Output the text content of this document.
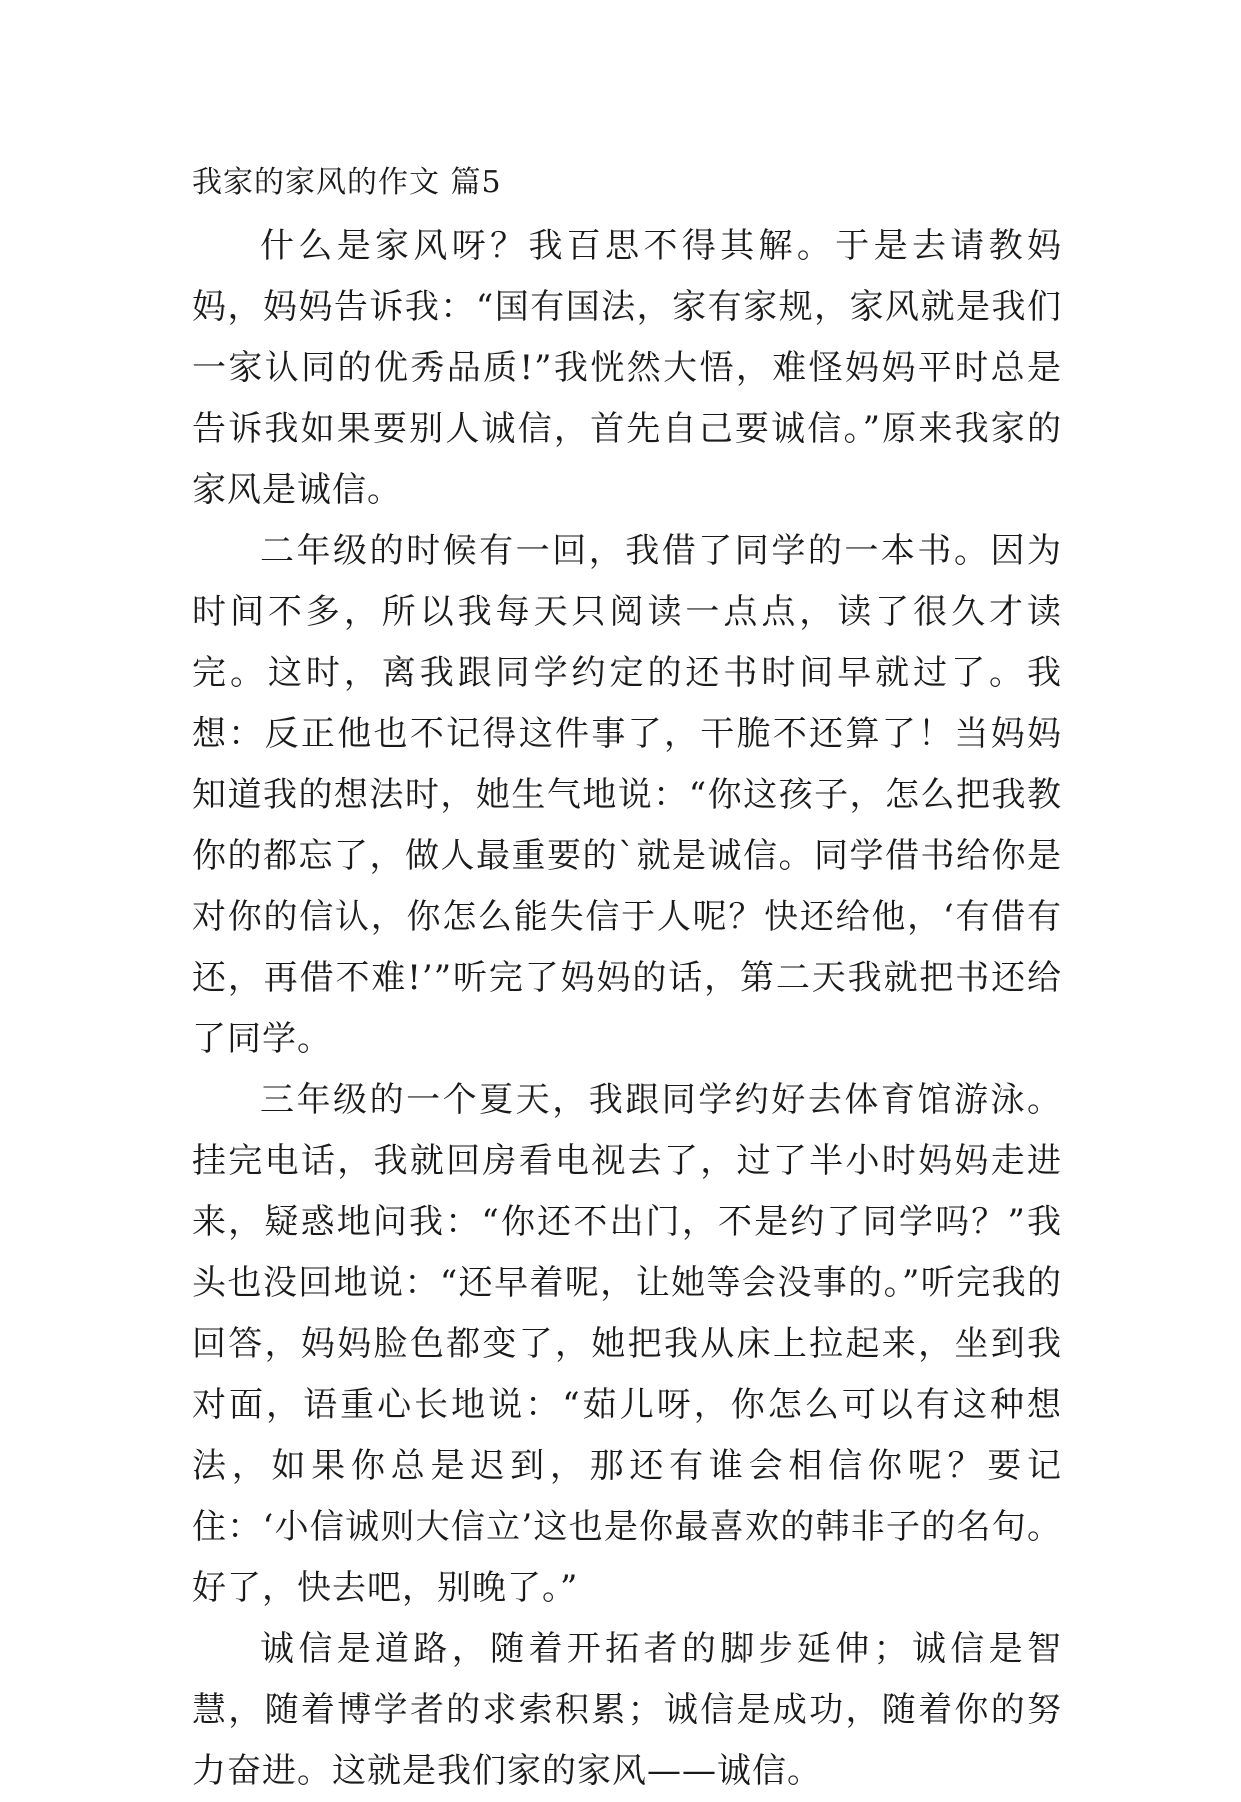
我家的家风的作文 篇5

什么是家风呀？我百思不得其解。于是去请教妈妈，妈妈告诉我：“国有国法，家有家规，家风就是我们一家认同的优秀品质!”我恍然大悟，难怪妈妈平时总是告诉我如果要别人诚信，首先自己要诚信。”原来我家的家风是诚信。

二年级的时候有一回，我借了同学的一本书。因为时间不多，所以我每天只阅读一点点，读了很久才读完。这时，离我跟同学约定的还书时间早就过了。我想：反正他也不记得这件事了，干脆不还算了！当妈妈知道我的想法时，她生气地说：“你这孩子，怎么把我教你的都忘了，做人最重要的`就是诚信。同学借书给你是对你的信认，你怎么能失信于人呢？快还给他，‘有借有还，再借不难!’”听完了妈妈的话，第二天我就把书还给了同学。

三年级的一个夏天，我跟同学约好去体育馆游泳。挂完电话，我就回房看电视去了，过了半小时妈妈走进来，疑惑地问我：“你还不出门，不是约了同学吗？”我头也没回地说：“还早着呢，让她等会没事的。”听完我的回答，妈妈脸色都变了，她把我从床上拉起来，坐到我对面，语重心长地说：“茹儿呀，你怎么可以有这种想法，如果你总是迟到，那还有谁会相信你呢？要记住：‘小信诚则大信立’这也是你最喜欢的韩非子的名句。好了，快去吧，别晚了。”

诚信是道路，随着开拓者的脚步延伸；诚信是智慧，随着博学者的求索积累；诚信是成功，随着你的努力奋进。这就是我们家的家风——诚信。
